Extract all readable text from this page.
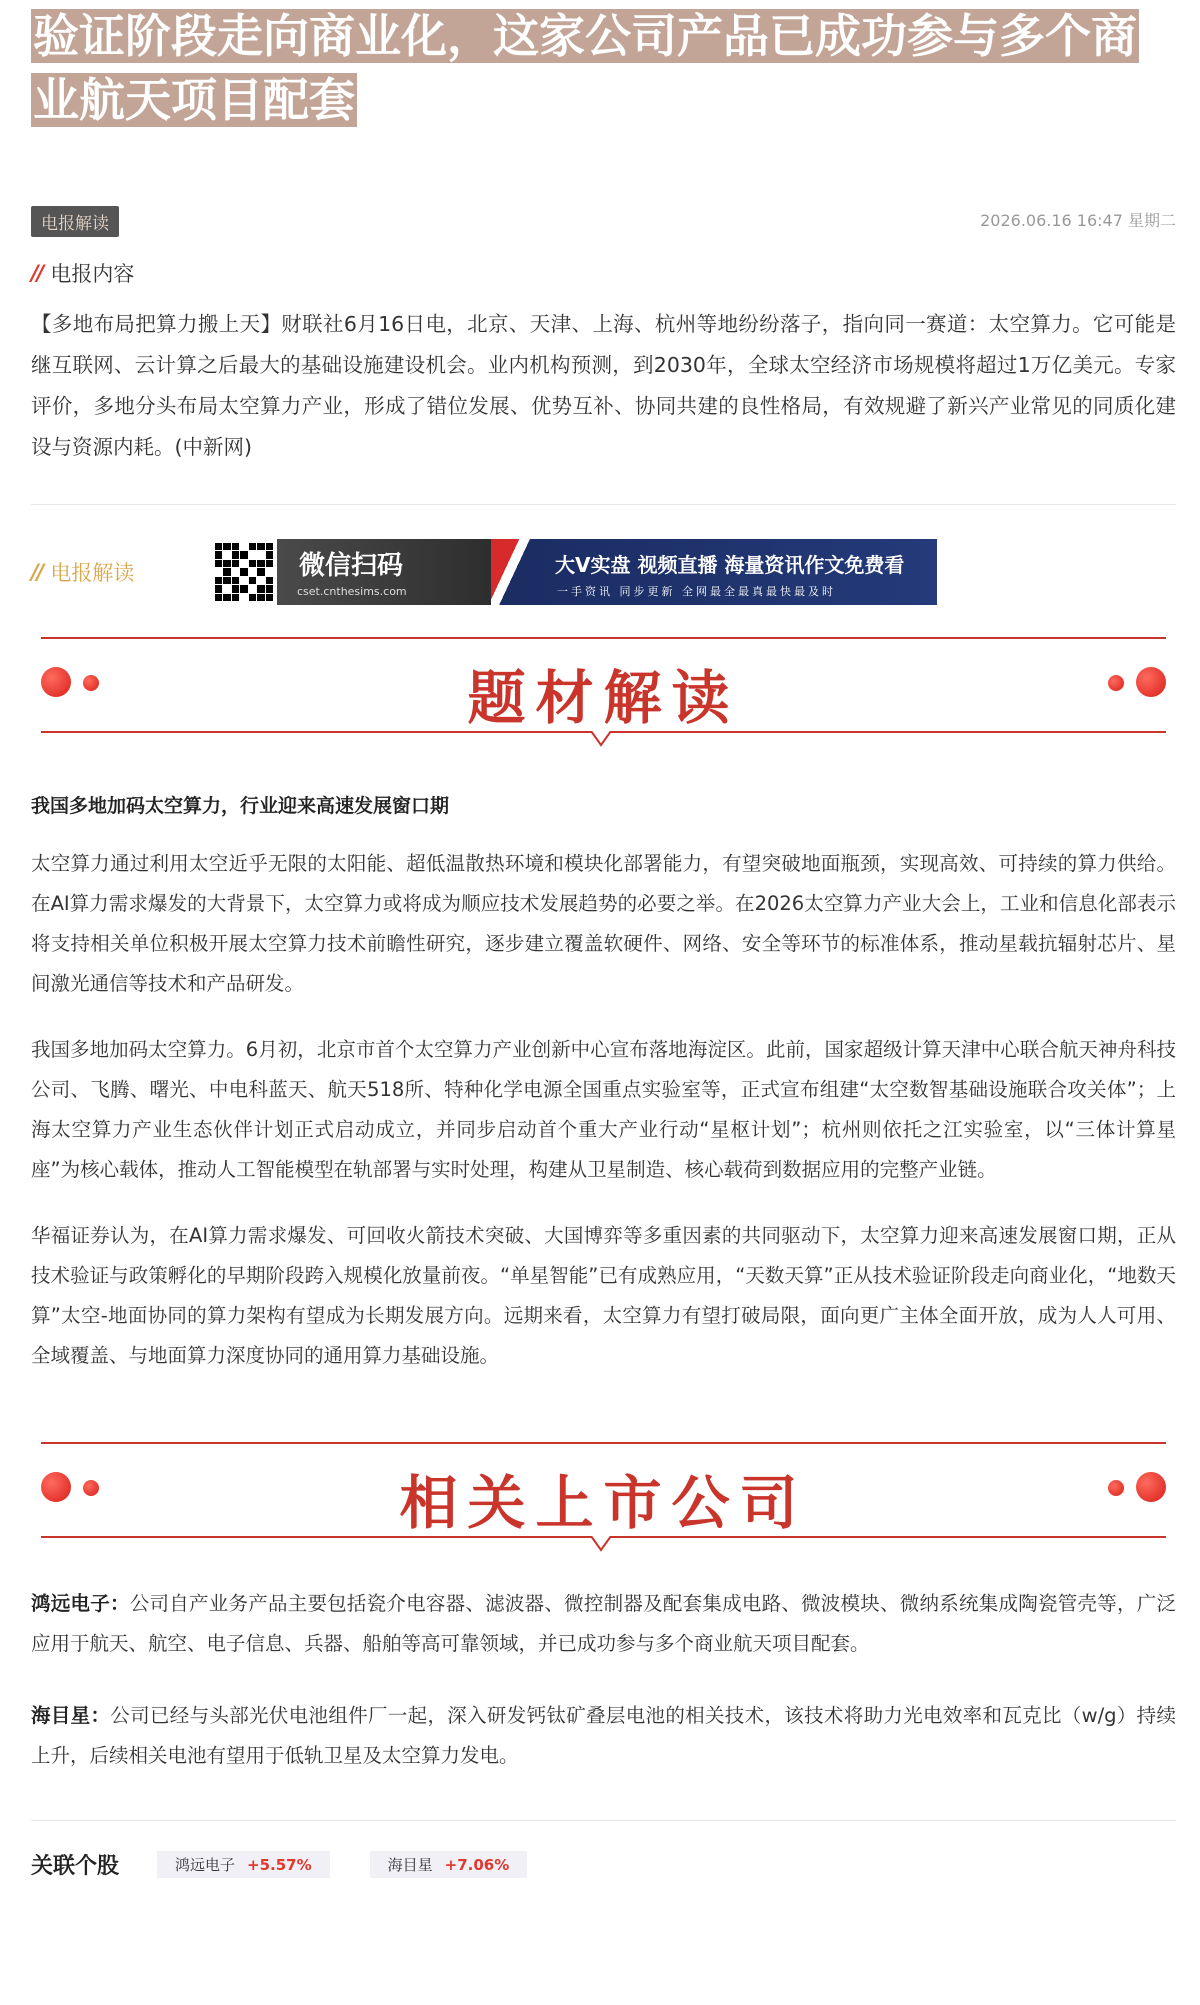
验证阶段走向商业化，这家公司产品已成功参与多个商业航天项目配套
电报解读	2026.06.16 16:47 星期二
// 电报内容

【多地布局把算力搬上天】财联社6月16日电，北京、天津、上海、杭州等地纷纷落子，指向同一赛道：太空算力。它可能是继互联网、云计算之后最大的基础设施建设机会。业内机构预测，到2030年，全球太空经济市场规模将超过1万亿美元。专家评价，多地分头布局太空算力产业，形成了错位发展、优势互补、协同共建的良性格局，有效规避了新兴产业常见的同质化建设与资源内耗。(中新网)

// 电报解读	微信扫码
cset.cnthesims.com
大V实盘 视频直播 海量资讯作文免费看
一手资讯 同步更新 全网最全最真最快最及时
题材解读
我国多地加码太空算力，行业迎来高速发展窗口期

太空算力通过利用太空近乎无限的太阳能、超低温散热环境和模块化部署能力，有望突破地面瓶颈，实现高效、可持续的算力供给。在AI算力需求爆发的大背景下，太空算力或将成为顺应技术发展趋势的必要之举。在2026太空算力产业大会上，工业和信息化部表示将支持相关单位积极开展太空算力技术前瞻性研究，逐步建立覆盖软硬件、网络、安全等环节的标准体系，推动星载抗辐射芯片、星间激光通信等技术和产品研发。

我国多地加码太空算力。6月初，北京市首个太空算力产业创新中心宣布落地海淀区。此前，国家超级计算天津中心联合航天神舟科技公司、飞腾、曙光、中电科蓝天、航天518所、特种化学电源全国重点实验室等，正式宣布组建“太空数智基础设施联合攻关体”；上海太空算力产业生态伙伴计划正式启动成立，并同步启动首个重大产业行动“星枢计划”；杭州则依托之江实验室，以“三体计算星座”为核心载体，推动人工智能模型在轨部署与实时处理，构建从卫星制造、核心载荷到数据应用的完整产业链。

华福证券认为，在AI算力需求爆发、可回收火箭技术突破、大国博弈等多重因素的共同驱动下，太空算力迎来高速发展窗口期，正从技术验证与政策孵化的早期阶段跨入规模化放量前夜。“单星智能”已有成熟应用，“天数天算”正从技术验证阶段走向商业化，“地数天算”太空-地面协同的算力架构有望成为长期发展方向。远期来看，太空算力有望打破局限，面向更广主体全面开放，成为人人可用、全域覆盖、与地面算力深度协同的通用算力基础设施。

相关上市公司

鸿远电子：公司自产业务产品主要包括瓷介电容器、滤波器、微控制器及配套集成电路、微波模块、微纳系统集成陶瓷管壳等，广泛应用于航天、航空、电子信息、兵器、船舶等高可靠领域，并已成功参与多个商业航天项目配套。

海目星：公司已经与头部光伏电池组件厂一起，深入研发钙钛矿叠层电池的相关技术，该技术将助力光电效率和瓦克比（w/g）持续上升，后续相关电池有望用于低轨卫星及太空算力发电。

关联个股	鸿远电子 +5.57%	海目星 +7.06%
